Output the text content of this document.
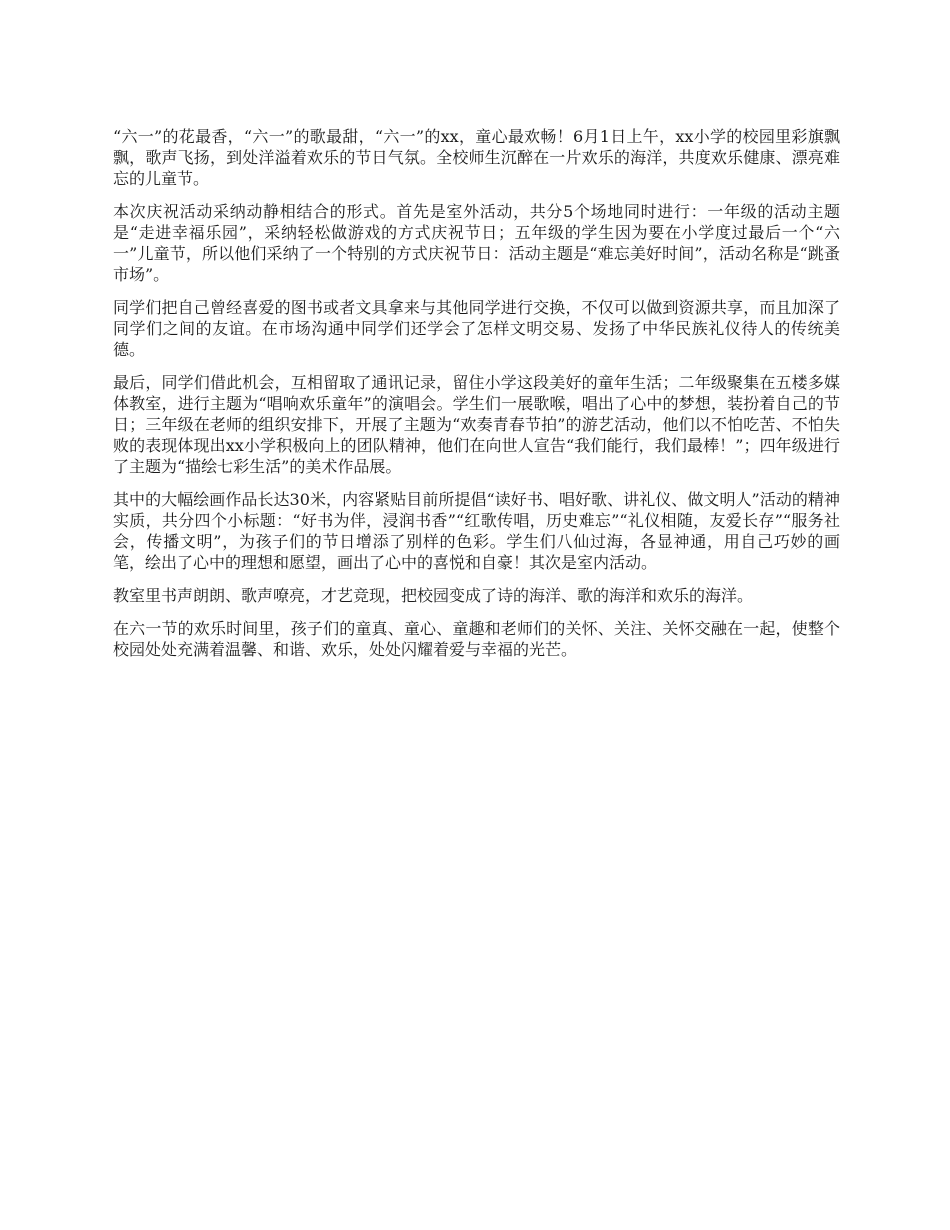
“六一”的花最香，“六一”的歌最甜，“六一”的xx，童心最欢畅！6月1日上午，xx小学的校园里彩旗飘飘，歌声飞扬，到处洋溢着欢乐的节日气氛。全校师生沉醉在一片欢乐的海洋，共度欢乐健康、漂亮难忘的儿童节。

本次庆祝活动采纳动静相结合的形式。首先是室外活动，共分5个场地同时进行：一年级的活动主题是“走进幸福乐园”，采纳轻松做游戏的方式庆祝节日；五年级的学生因为要在小学度过最后一个“六一”儿童节，所以他们采纳了一个特别的方式庆祝节日：活动主题是“难忘美好时间”，活动名称是“跳蚤市场”。

同学们把自己曾经喜爱的图书或者文具拿来与其他同学进行交换，不仅可以做到资源共享，而且加深了同学们之间的友谊。在市场沟通中同学们还学会了怎样文明交易、发扬了中华民族礼仪待人的传统美德。

最后，同学们借此机会，互相留取了通讯记录，留住小学这段美好的童年生活；二年级聚集在五楼多媒体教室，进行主题为“唱响欢乐童年”的演唱会。学生们一展歌喉，唱出了心中的梦想，装扮着自己的节日；三年级在老师的组织安排下，开展了主题为“欢奏青春节拍”的游艺活动，他们以不怕吃苦、不怕失败的表现体现出xx小学积极向上的团队精神，他们在向世人宣告“我们能行，我们最棒！”；四年级进行了主题为“描绘七彩生活”的美术作品展。

其中的大幅绘画作品长达30米，内容紧贴目前所提倡“读好书、唱好歌、讲礼仪、做文明人”活动的精神实质，共分四个小标题：“好书为伴，浸润书香”“红歌传唱，历史难忘”“礼仪相随，友爱长存”“服务社会，传播文明”，为孩子们的节日增添了别样的色彩。学生们八仙过海，各显神通，用自己巧妙的画笔，绘出了心中的理想和愿望，画出了心中的喜悦和自豪！其次是室内活动。

教室里书声朗朗、歌声嘹亮，才艺竞现，把校园变成了诗的海洋、歌的海洋和欢乐的海洋。

在六一节的欢乐时间里，孩子们的童真、童心、童趣和老师们的关怀、关注、关怀交融在一起，使整个校园处处充满着温馨、和谐、欢乐，处处闪耀着爱与幸福的光芒。
